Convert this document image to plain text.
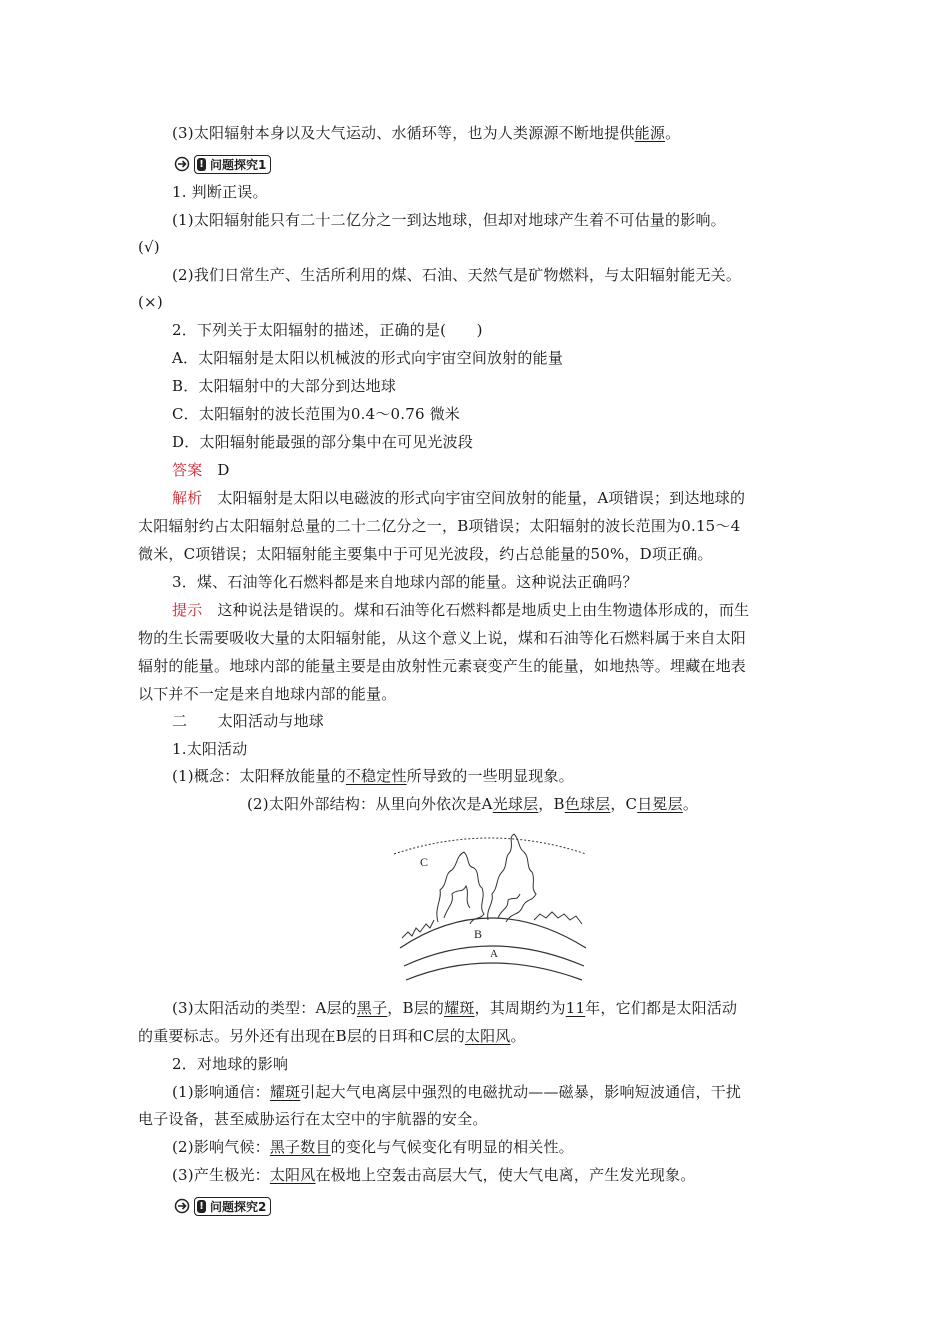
(3)太阳辐射本身以及大气运动、水循环等，也为人类源源不断地提供能源。
! 问题探究1
1. 判断正误。
(1)太阳辐射能只有二十二亿分之一到达地球，但却对地球产生着不可估量的影响。
(√)
(2)我们日常生产、生活所利用的煤、石油、天然气是矿物燃料，与太阳辐射能无关。
(×)
2．下列关于太阳辐射的描述，正确的是(　　)
A．太阳辐射是太阳以机械波的形式向宇宙空间放射的能量
B．太阳辐射中的大部分到达地球
C．太阳辐射的波长范围为0.4～0.76 微米
D．太阳辐射能最强的部分集中在可见光波段
答案 D
解析 太阳辐射是太阳以电磁波的形式向宇宙空间放射的能量，A项错误；到达地球的
太阳辐射约占太阳辐射总量的二十二亿分之一，B项错误；太阳辐射的波长范围为0.15～4
微米，C项错误；太阳辐射能主要集中于可见光波段，约占总能量的50%，D项正确。
3．煤、石油等化石燃料都是来自地球内部的能量。这种说法正确吗？
提示 这种说法是错误的。煤和石油等化石燃料都是地质史上由生物遗体形成的，而生
物的生长需要吸收大量的太阳辐射能，从这个意义上说，煤和石油等化石燃料属于来自太阳
辐射的能量。地球内部的能量主要是由放射性元素衰变产生的能量，如地热等。埋藏在地表
以下并不一定是来自地球内部的能量。
二　　太阳活动与地球
1.太阳活动
(1)概念：太阳释放能量的不稳定性所导致的一些明显现象。
(2)太阳外部结构：从里向外依次是A光球层，B色球层，C日冕层。
C
B
A
(3)太阳活动的类型：A层的黑子，B层的耀斑，其周期约为11年，它们都是太阳活动
的重要标志。另外还有出现在B层的日珥和C层的太阳风。
2．对地球的影响
(1)影响通信：耀斑引起大气电离层中强烈的电磁扰动——磁暴，影响短波通信，干扰
电子设备，甚至威胁运行在太空中的宇航器的安全。
(2)影响气候：黑子数目的变化与气候变化有明显的相关性。
(3)产生极光：太阳风在极地上空轰击高层大气，使大气电离，产生发光现象。
! 问题探究2
